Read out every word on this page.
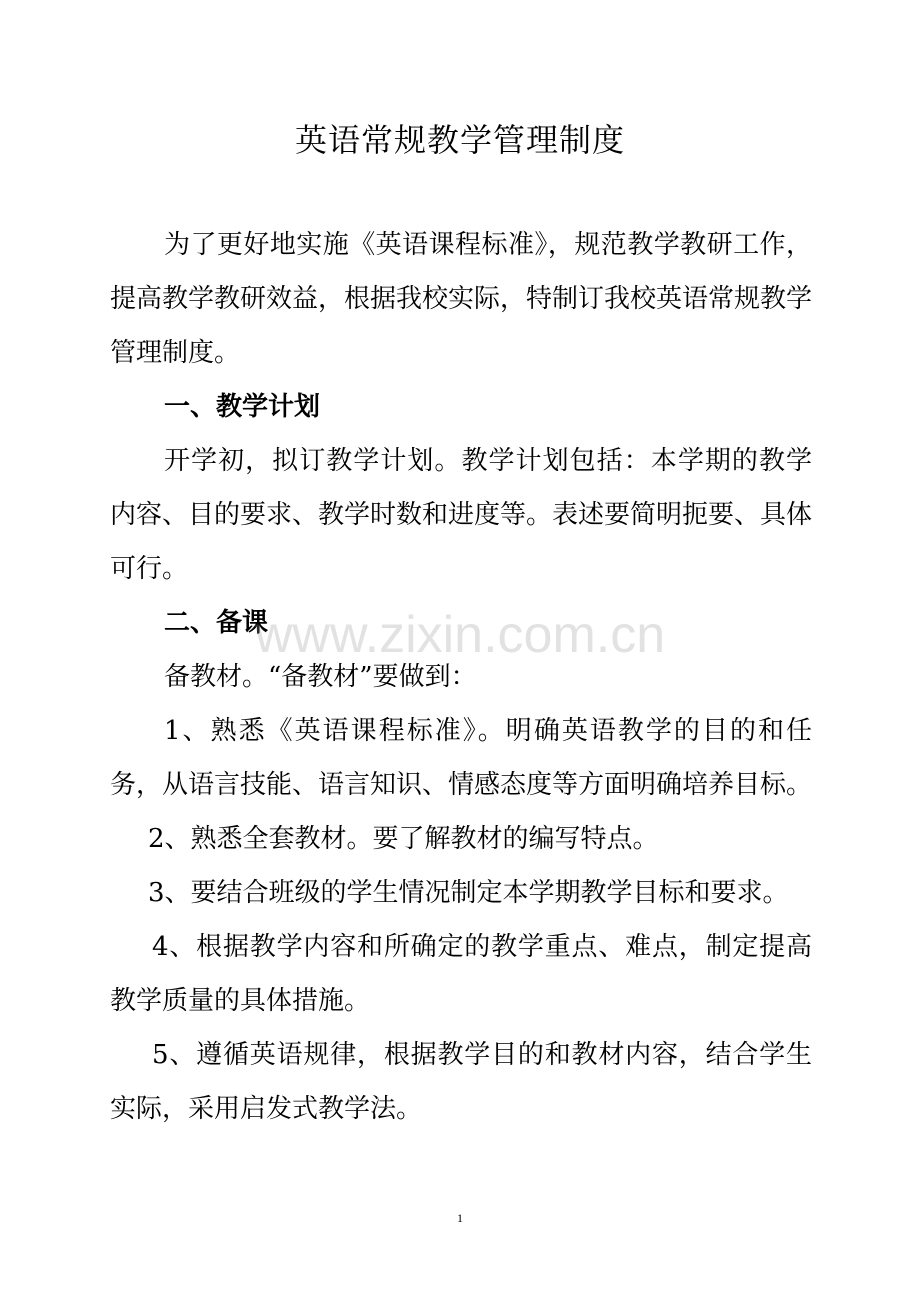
英语常规教学管理制度

为了更好地实施《英语课程标准》，规范教学教研工作，提高教学教研效益，根据我校实际，特制订我校英语常规教学管理制度。

一、教学计划

开学初，拟订教学计划。教学计划包括：本学期的教学内容、目的要求、教学时数和进度等。表述要简明扼要、具体可行。

二、备课

备教材。“备教材”要做到：

1、熟悉《英语课程标准》。明确英语教学的目的和任务，从语言技能、语言知识、情感态度等方面明确培养目标。

2、熟悉全套教材。要了解教材的编写特点。

3、要结合班级的学生情况制定本学期教学目标和要求。

4、根据教学内容和所确定的教学重点、难点，制定提高教学质量的具体措施。

5、遵循英语规律，根据教学目的和教材内容，结合学生实际，采用启发式教学法。

www.zixin.com.cn
1
